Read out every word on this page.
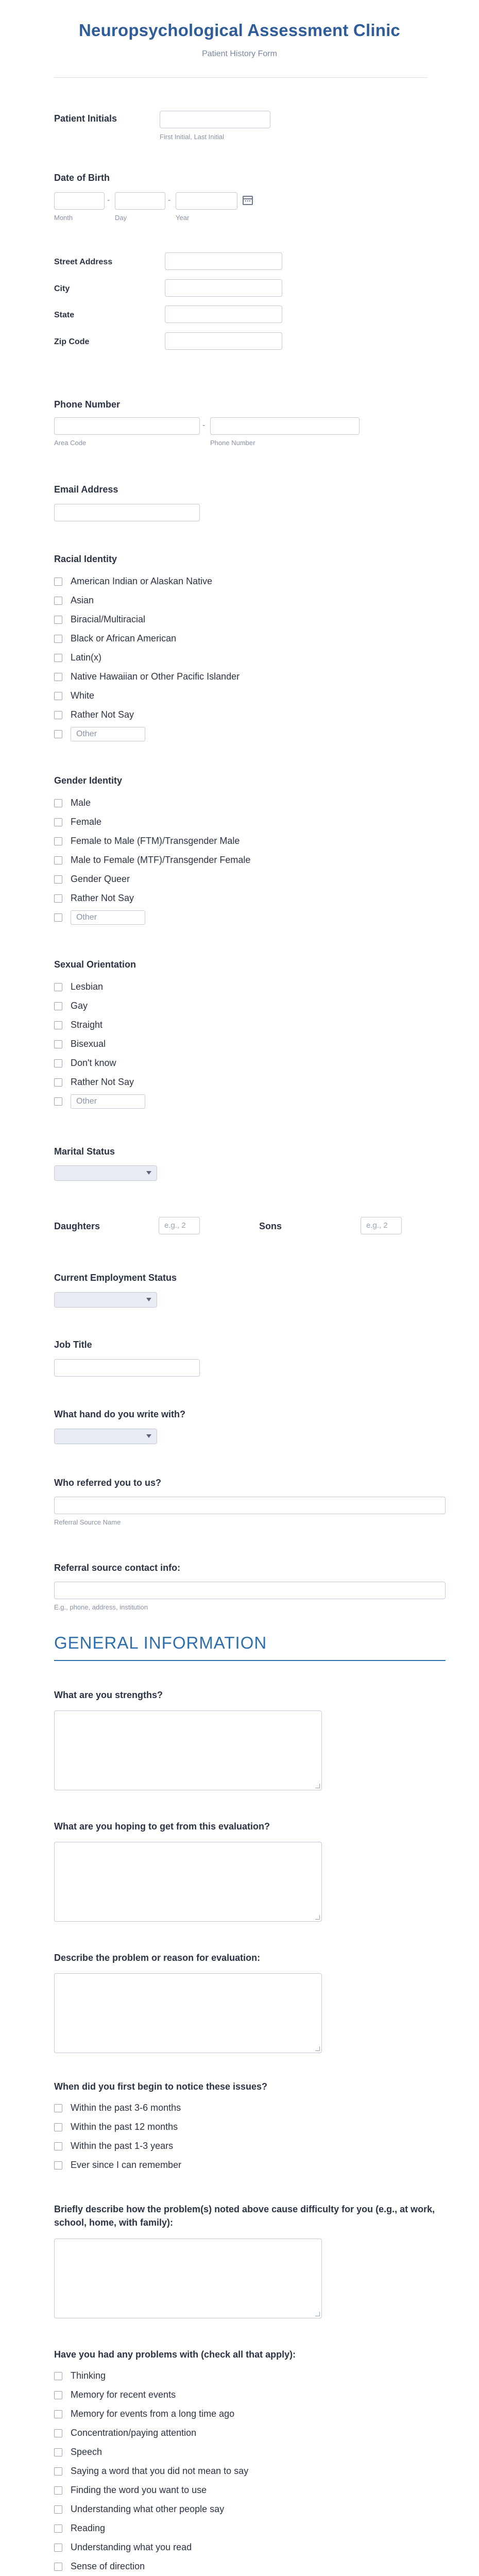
Neuropsychological Assessment Clinic
Patient History Form
Patient Initials
First Initial, Last Initial
Date of Birth
-	-
Month	Day	Year
Street Address
City
State
Zip Code
Phone Number
-
Area Code	Phone Number
Email Address
Racial Identity
American Indian or Alaskan Native
Asian
Biracial/Multiracial
Black or African American
Latin(x)
Native Hawaiian or Other Pacific Islander
White
Rather Not Say
Other
Gender Identity
Male
Female
Female to Male (FTM)/Transgender Male
Male to Female (MTF)/Transgender Female
Gender Queer
Rather Not Say
Other
Sexual Orientation
Lesbian
Gay
Straight
Bisexual
Don't know
Rather Not Say
Other
Marital Status
Daughters	e.g., 2	Sons	e.g., 2
Current Employment Status
Job Title
What hand do you write with?
Who referred you to us?
Referral Source Name
Referral source contact info:
E.g., phone, address, institution
GENERAL INFORMATION
What are you strengths?
What are you hoping to get from this evaluation?
Describe the problem or reason for evaluation:
When did you first begin to notice these issues?
Within the past 3-6 months
Within the past 12 months
Within the past 1-3 years
Ever since I can remember
Briefly describe how the problem(s) noted above cause difficulty for you (e.g., at work, school, home, with family):
Have you had any problems with (check all that apply):
Thinking
Memory for recent events
Memory for events from a long time ago
Concentration/paying attention
Speech
Saying a word that you did not mean to say
Finding the word you want to use
Understanding what other people say
Reading
Understanding what you read
Sense of direction
